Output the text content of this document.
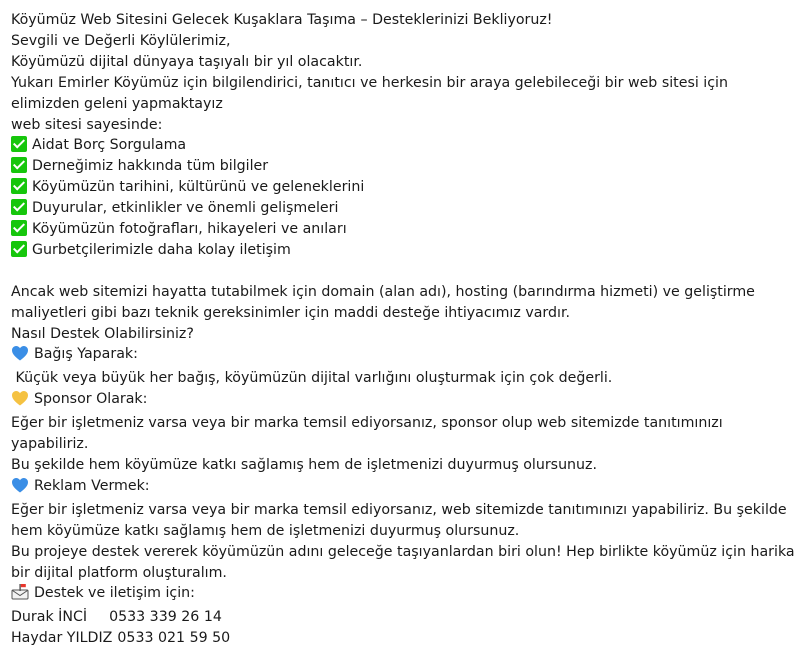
Köyümüz Web Sitesini Gelecek Kuşaklara Taşıma – Desteklerinizi Bekliyoruz!
Sevgili ve Değerli Köylülerimiz,
Köyümüzü dijital dünyaya taşıyalı bir yıl olacaktır.
Yukarı Emirler Köyümüz için bilgilendirici, tanıtıcı ve herkesin bir araya gelebileceği bir web sitesi için elimizden geleni yapmaktayız
web sitesi sayesinde:
Aidat Borç Sorgulama
Derneğimiz hakkında tüm bilgiler
Köyümüzün tarihini, kültürünü ve geleneklerini
Duyurular, etkinlikler ve önemli gelişmeleri
Köyümüzün fotoğrafları, hikayeleri ve anıları
Gurbetçilerimizle daha kolay iletişim
Ancak web sitemizi hayatta tutabilmek için domain (alan adı), hosting (barındırma hizmeti) ve geliştirme maliyetleri gibi bazı teknik gereksinimler için maddi desteğe ihtiyacımız vardır.
Nasıl Destek Olabilirsiniz?
Bağış Yaparak:
Küçük veya büyük her bağış, köyümüzün dijital varlığını oluşturmak için çok değerli.
Sponsor Olarak:
Eğer bir işletmeniz varsa veya bir marka temsil ediyorsanız, sponsor olup web sitemizde tanıtımınızı yapabiliriz.
Bu şekilde hem köyümüze katkı sağlamış hem de işletmenizi duyurmuş olursunuz.
Reklam Vermek:
Eğer bir işletmeniz varsa veya bir marka temsil ediyorsanız, web sitemizde tanıtımınızı yapabiliriz. Bu şekilde hem köyümüze katkı sağlamış hem de işletmenizi duyurmuş olursunuz.
Bu projeye destek vererek köyümüzün adını geleceğe taşıyanlardan biri olun! Hep birlikte köyümüz için harika bir dijital platform oluşturalım.
Destek ve iletişim için:
Durak İNCİ 0533 339 26 14
Haydar YILDIZ 0533 021 59 50
